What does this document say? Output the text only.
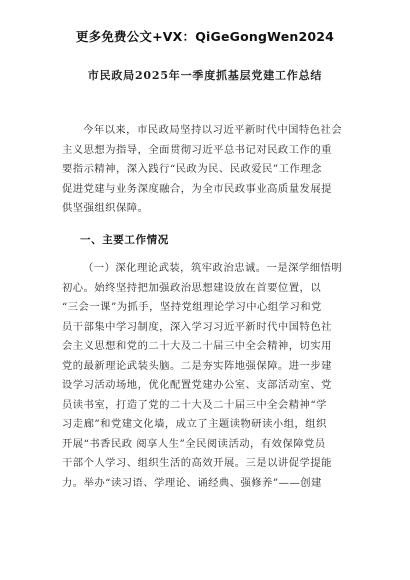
更多免费公文+VX：QiGeGongWen2024
市民政局2025年一季度抓基层党建工作总结
今年以来，市民政局坚持以习近平新时代中国特色社会
主义思想为指导，全面贯彻习近平总书记对民政工作的重
要指示精神，深入践行“民政为民、民政爱民”工作理念
促进党建与业务深度融合，为全市民政事业高质量发展提
供坚强组织保障。
一、主要工作情况
（一）深化理论武装，筑牢政治忠诚。一是深学细悟明
初心。始终坚持把加强政治思想建设放在首要位置，以
“三会一课”为抓手，坚持党组理论学习中心组学习和党
员干部集中学习制度，深入学习习近平新时代中国特色社
会主义思想和党的二十大及二十届三中全会精神，切实用
党的最新理论武装头脑。二是夯实阵地强保障。进一步建
设学习活动场地，优化配置党建办公室、支部活动室、党
员读书室，打造了党的二十大及二十届三中全会精神“学
习走廊”和党建文化墙，成立了主题读物研读小组，组织
开展“书香民政 阅享人生”全民阅读活动，有效保障党员
干部个人学习、组织生活的高效开展。三是以讲促学提能
力。举办“读习语、学理论、诵经典、强修养”——创建
